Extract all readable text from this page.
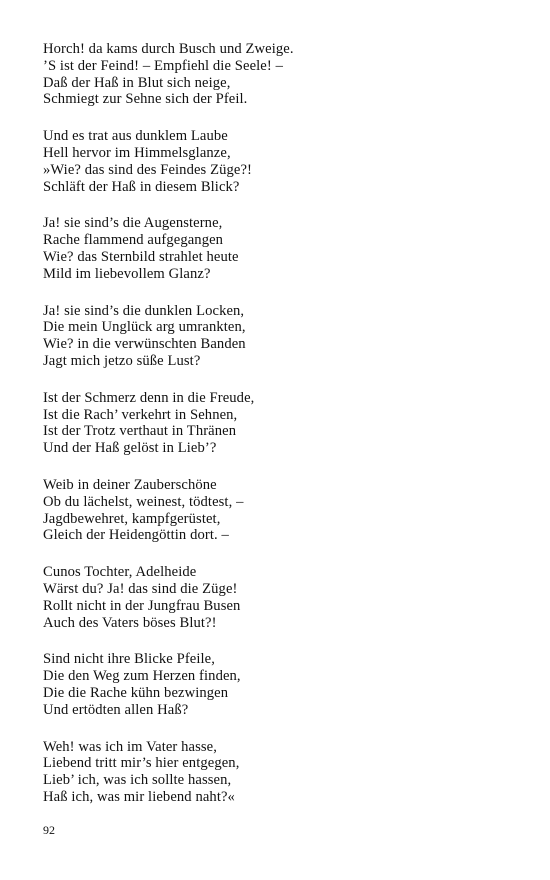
Horch! da kams durch Busch und Zweige.
’S ist der Feind! – Empfiehl die Seele! –
Daß der Haß in Blut sich neige,
Schmiegt zur Sehne sich der Pfeil.
Und es trat aus dunklem Laube
Hell hervor im Himmelsglanze,
»Wie? das sind des Feindes Züge?!
Schläft der Haß in diesem Blick?
Ja! sie sind’s die Augensterne,
Rache flammend aufgegangen
Wie? das Sternbild strahlet heute
Mild im liebevollem Glanz?
Ja! sie sind’s die dunklen Locken,
Die mein Unglück arg umrankten,
Wie? in die verwünschten Banden
Jagt mich jetzo süße Lust?
Ist der Schmerz denn in die Freude,
Ist die Rach’ verkehrt in Sehnen,
Ist der Trotz verthaut in Thränen
Und der Haß gelöst in Lieb’?
Weib in deiner Zauberschöne
Ob du lächelst, weinest, tödtest, –
Jagdbewehret, kampfgerüstet,
Gleich der Heidengöttin dort. –
Cunos Tochter, Adelheide
Wärst du? Ja! das sind die Züge!
Rollt nicht in der Jungfrau Busen
Auch des Vaters böses Blut?!
Sind nicht ihre Blicke Pfeile,
Die den Weg zum Herzen finden,
Die die Rache kühn bezwingen
Und ertödten allen Haß?
Weh! was ich im Vater hasse,
Liebend tritt mir’s hier entgegen,
Lieb’ ich, was ich sollte hassen,
Haß ich, was mir liebend naht?«
92
